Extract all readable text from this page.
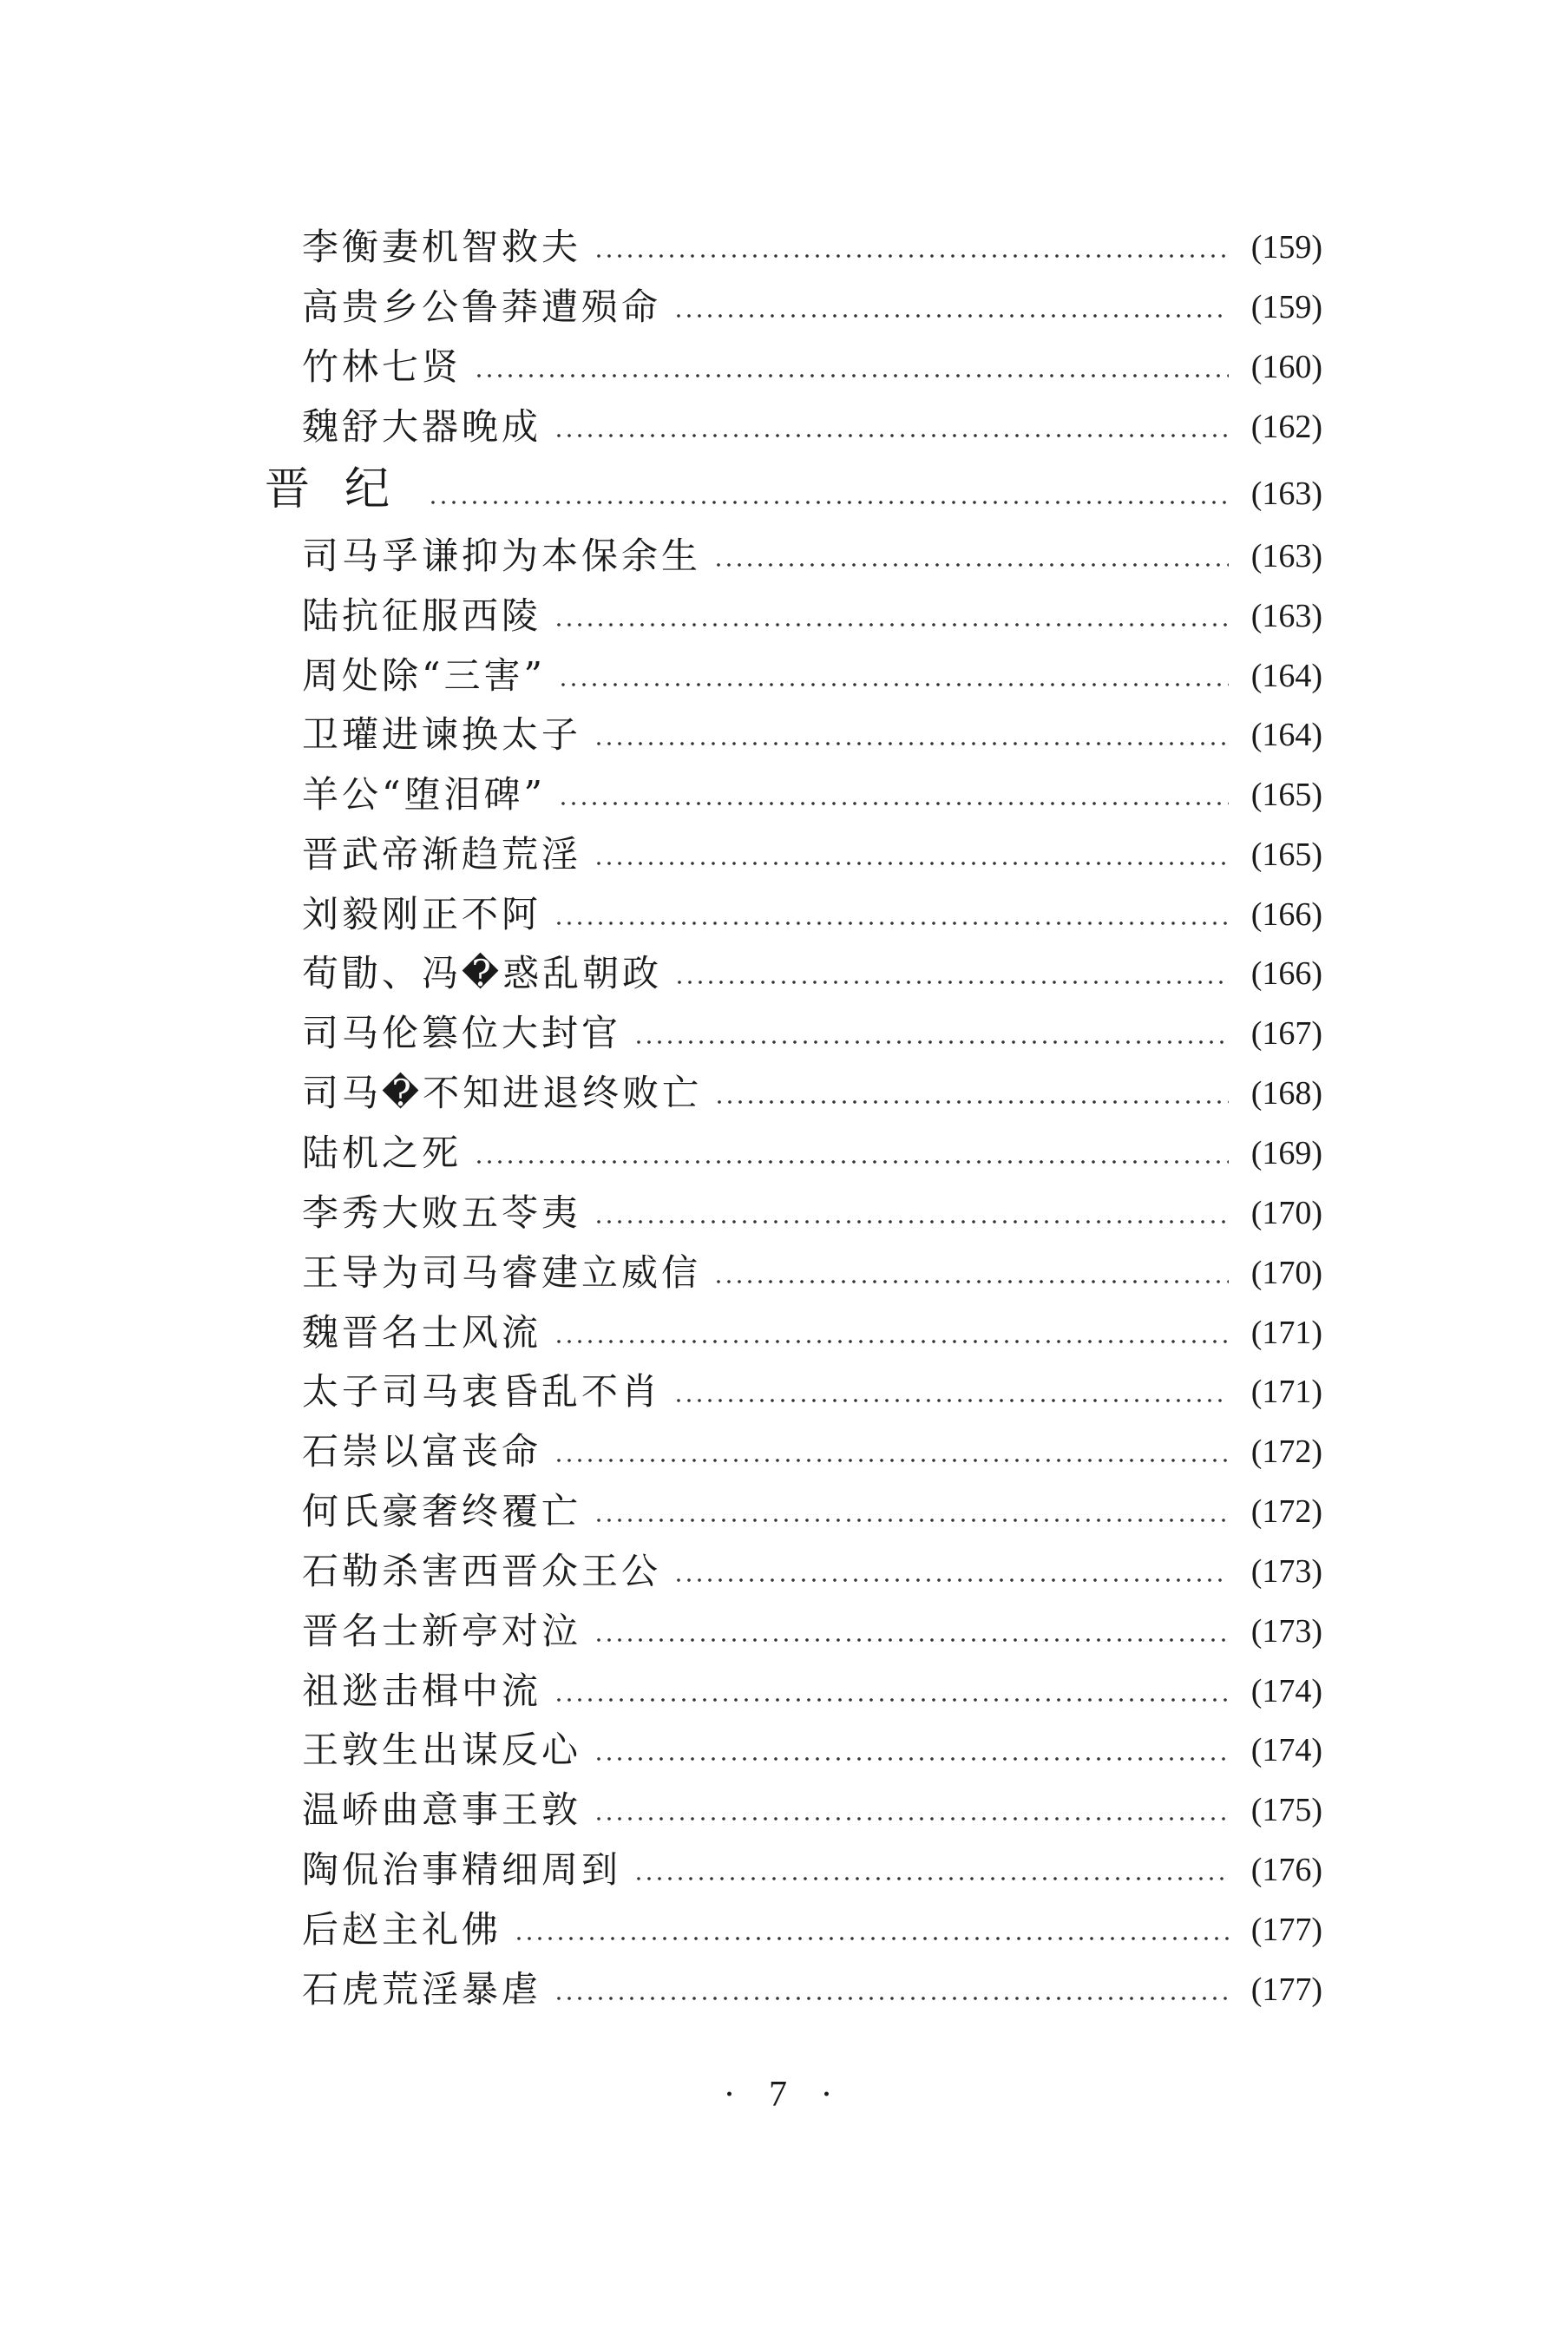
李衡妻机智救夫	(159)
高贵乡公鲁莽遭殒命	(159)
竹林七贤	(160)
魏舒大器晚成	(162)
晋纪	(163)
司马孚谦抑为本保余生	(163)
陆抗征服西陵	(163)
周处除“三害”	(164)
卫瓘进谏换太子	(164)
羊公“堕泪碑”	(165)
晋武帝渐趋荒淫	(165)
刘毅刚正不阿	(166)
荀勖、冯�惑乱朝政	(166)
司马伦篡位大封官	(167)
司马�不知进退终败亡	(168)
陆机之死	(169)
李秀大败五苓夷	(170)
王导为司马睿建立威信	(170)
魏晋名士风流	(171)
太子司马衷昏乱不肖	(171)
石崇以富丧命	(172)
何氏豪奢终覆亡	(172)
石勒杀害西晋众王公	(173)
晋名士新亭对泣	(173)
祖逖击楫中流	(174)
王敦生出谋反心	(174)
温峤曲意事王敦	(175)
陶侃治事精细周到	(176)
后赵主礼佛	(177)
石虎荒淫暴虐	(177)
· 7 ·
